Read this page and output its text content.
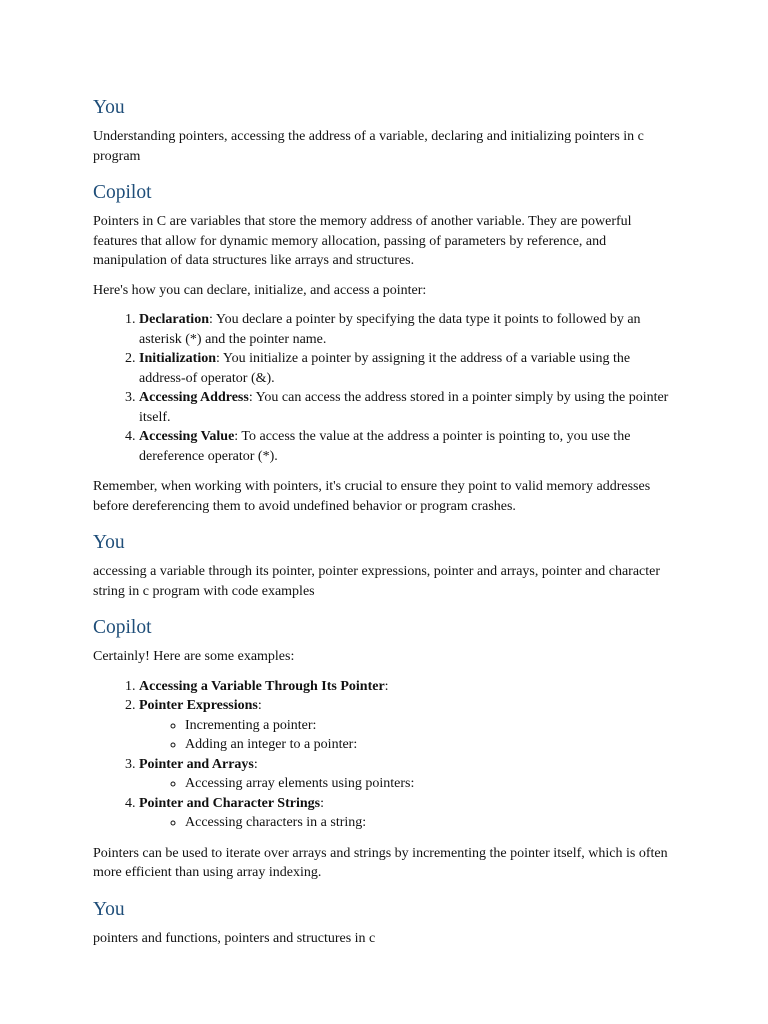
You

Understanding pointers, accessing the address of a variable, declaring and initializing pointers in c program

Copilot

Pointers in C are variables that store the memory address of another variable. They are powerful features that allow for dynamic memory allocation, passing of parameters by reference, and manipulation of data structures like arrays and structures.

Here's how you can declare, initialize, and access a pointer:

1. Declaration: You declare a pointer by specifying the data type it points to followed by an asterisk (*) and the pointer name.
2. Initialization: You initialize a pointer by assigning it the address of a variable using the address-of operator (&).
3. Accessing Address: You can access the address stored in a pointer simply by using the pointer itself.
4. Accessing Value: To access the value at the address a pointer is pointing to, you use the dereference operator (*).

Remember, when working with pointers, it's crucial to ensure they point to valid memory addresses before dereferencing them to avoid undefined behavior or program crashes.

You

accessing a variable through its pointer, pointer expressions, pointer and arrays, pointer and character string in c program with code examples

Copilot

Certainly! Here are some examples:

1. Accessing a Variable Through Its Pointer:
2. Pointer Expressions:
◦ Incrementing a pointer:
◦ Adding an integer to a pointer:
3. Pointer and Arrays:
◦ Accessing array elements using pointers:
4. Pointer and Character Strings:
◦ Accessing characters in a string:

Pointers can be used to iterate over arrays and strings by incrementing the pointer itself, which is often more efficient than using array indexing.

You

pointers and functions, pointers and structures in c
